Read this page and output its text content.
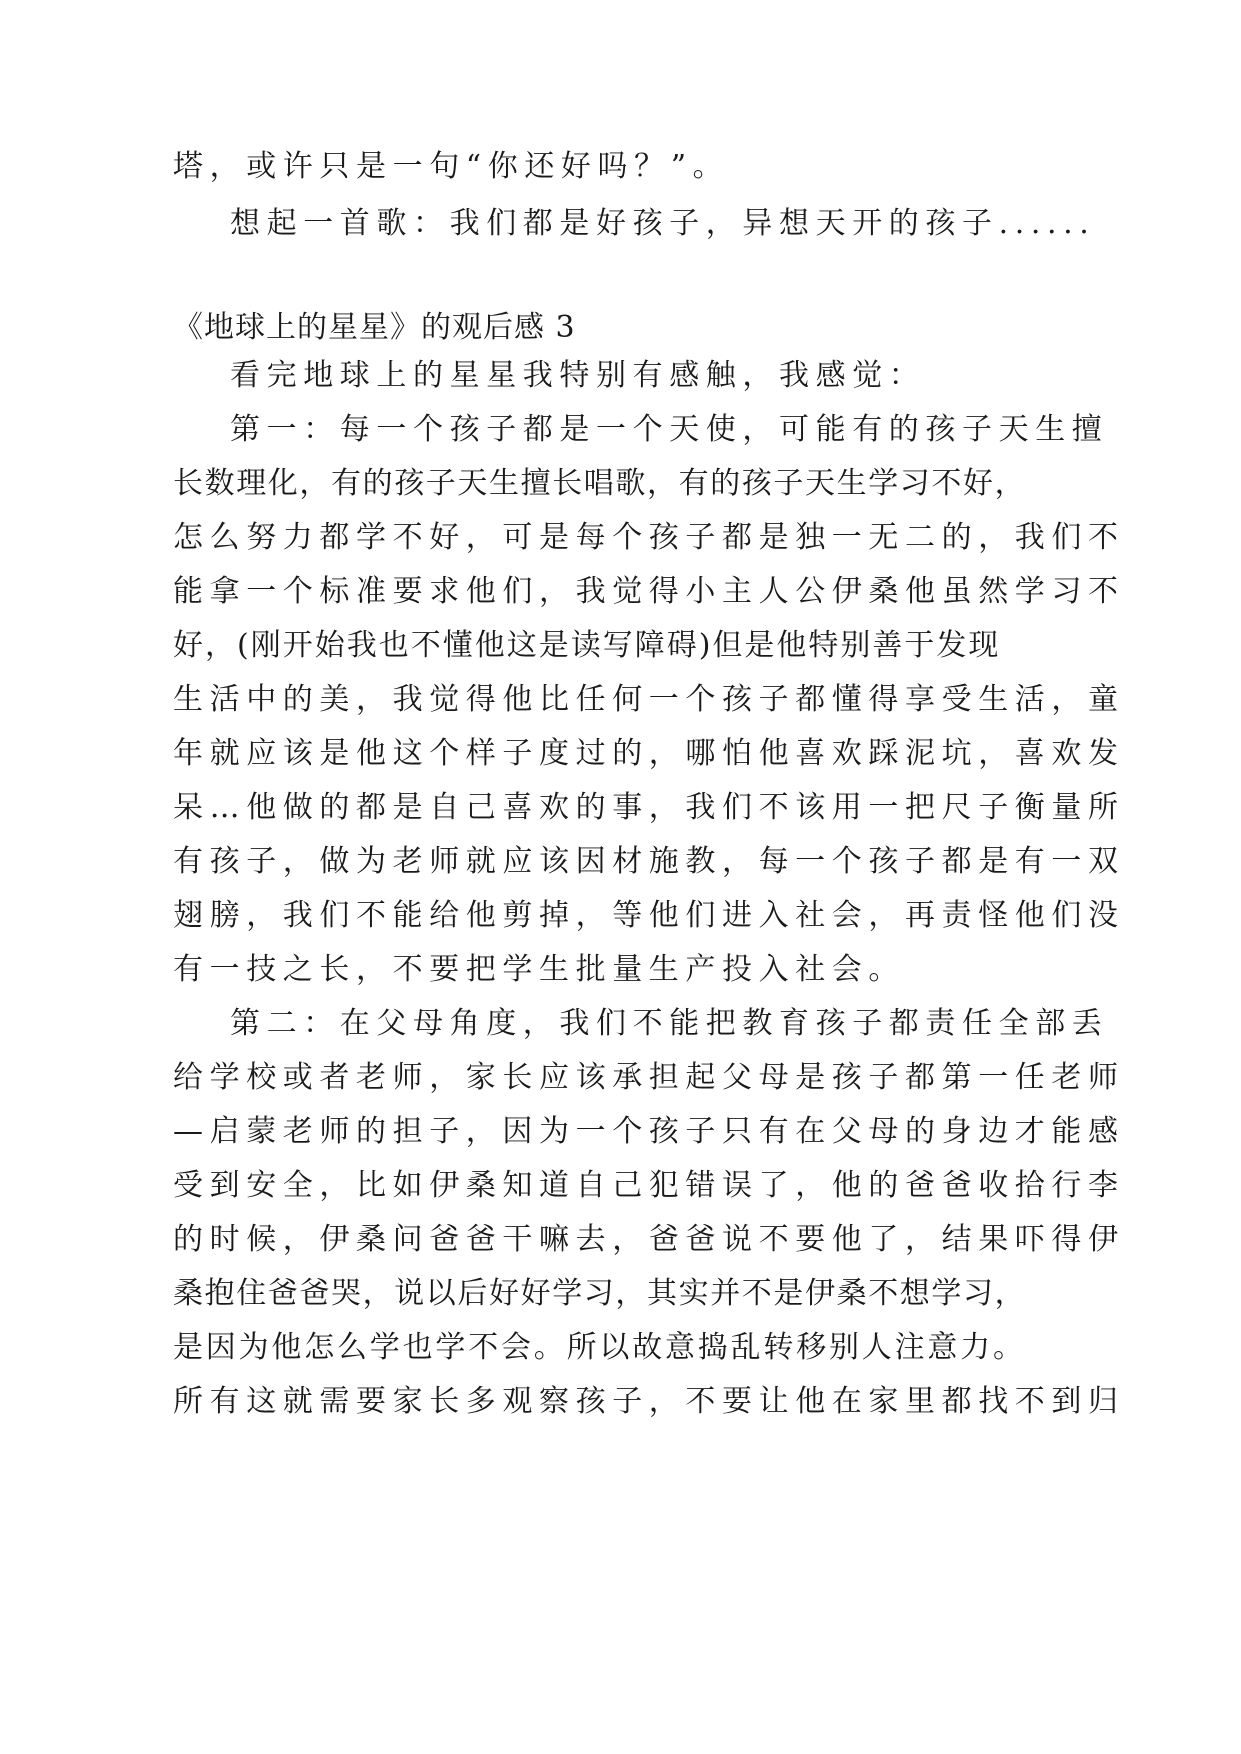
塔，或许只是一句“你还好吗？”。

想起一首歌：我们都是好孩子，异想天开的孩子......

《地球上的星星》的观后感 3

看完地球上的星星我特别有感触，我感觉：

第一：每一个孩子都是一个天使，可能有的孩子天生擅

长数理化，有的孩子天生擅长唱歌，有的孩子天生学习不好，

怎么努力都学不好，可是每个孩子都是独一无二的，我们不

能拿一个标准要求他们，我觉得小主人公伊桑他虽然学习不

好，(刚开始我也不懂他这是读写障碍)但是他特别善于发现

生活中的美，我觉得他比任何一个孩子都懂得享受生活，童

年就应该是他这个样子度过的，哪怕他喜欢踩泥坑，喜欢发

呆…他做的都是自己喜欢的事，我们不该用一把尺子衡量所

有孩子，做为老师就应该因材施教，每一个孩子都是有一双

翅膀，我们不能给他剪掉，等他们进入社会，再责怪他们没

有一技之长，不要把学生批量生产投入社会。

第二：在父母角度，我们不能把教育孩子都责任全部丢

给学校或者老师，家长应该承担起父母是孩子都第一任老师

—启蒙老师的担子，因为一个孩子只有在父母的身边才能感

受到安全，比如伊桑知道自己犯错误了，他的爸爸收拾行李

的时候，伊桑问爸爸干嘛去，爸爸说不要他了，结果吓得伊

桑抱住爸爸哭，说以后好好学习，其实并不是伊桑不想学习，

是因为他怎么学也学不会。所以故意捣乱转移别人注意力。

所有这就需要家长多观察孩子，不要让他在家里都找不到归
